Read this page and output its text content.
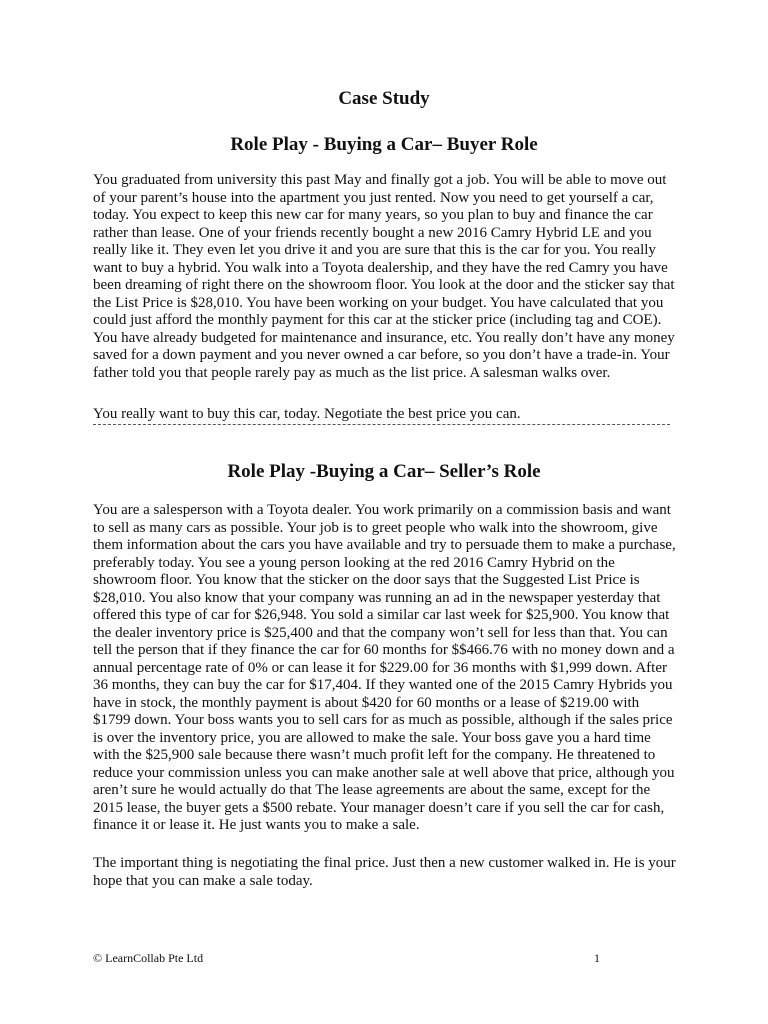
Case Study
Role Play - Buying a Car– Buyer Role

You graduated from university this past May and finally got a job. You will be able to move out of your parent’s house into the apartment you just rented. Now you need to get yourself a car, today. You expect to keep this new car for many years, so you plan to buy and finance the car rather than lease. One of your friends recently bought a new 2016 Camry Hybrid LE and you really like it. They even let you drive it and you are sure that this is the car for you. You really want to buy a hybrid. You walk into a Toyota dealership, and they have the red Camry you have been dreaming of right there on the showroom floor. You look at the door and the sticker say that the List Price is $28,010. You have been working on your budget. You have calculated that you could just afford the monthly payment for this car at the sticker price (including tag and COE). You have already budgeted for maintenance and insurance, etc. You really don’t have any money saved for a down payment and you never owned a car before, so you don’t have a trade-in. Your father told you that people rarely pay as much as the list price. A salesman walks over.

You really want to buy this car, today. Negotiate the best price you can.

Role Play -Buying a Car– Seller’s Role

You are a salesperson with a Toyota dealer. You work primarily on a commission basis and want to sell as many cars as possible. Your job is to greet people who walk into the showroom, give them information about the cars you have available and try to persuade them to make a purchase, preferably today. You see a young person looking at the red 2016 Camry Hybrid on the showroom floor. You know that the sticker on the door says that the Suggested List Price is $28,010. You also know that your company was running an ad in the newspaper yesterday that offered this type of car for $26,948. You sold a similar car last week for $25,900. You know that the dealer inventory price is $25,400 and that the company won’t sell for less than that. You can tell the person that if they finance the car for 60 months for $$466.76 with no money down and a annual percentage rate of 0% or can lease it for $229.00 for 36 months with $1,999 down. After 36 months, they can buy the car for $17,404. If they wanted one of the 2015 Camry Hybrids you have in stock, the monthly payment is about $420 for 60 months or a lease of $219.00 with $1799 down. Your boss wants you to sell cars for as much as possible, although if the sales price is over the inventory price, you are allowed to make the sale. Your boss gave you a hard time with the $25,900 sale because there wasn’t much profit left for the company. He threatened to reduce your commission unless you can make another sale at well above that price, although you aren’t sure he would actually do that The lease agreements are about the same, except for the 2015 lease, the buyer gets a $500 rebate. Your manager doesn’t care if you sell the car for cash, finance it or lease it. He just wants you to make a sale.

The important thing is negotiating the final price. Just then a new customer walked in. He is your hope that you can make a sale today.

© LearnCollab Pte Ltd	1
